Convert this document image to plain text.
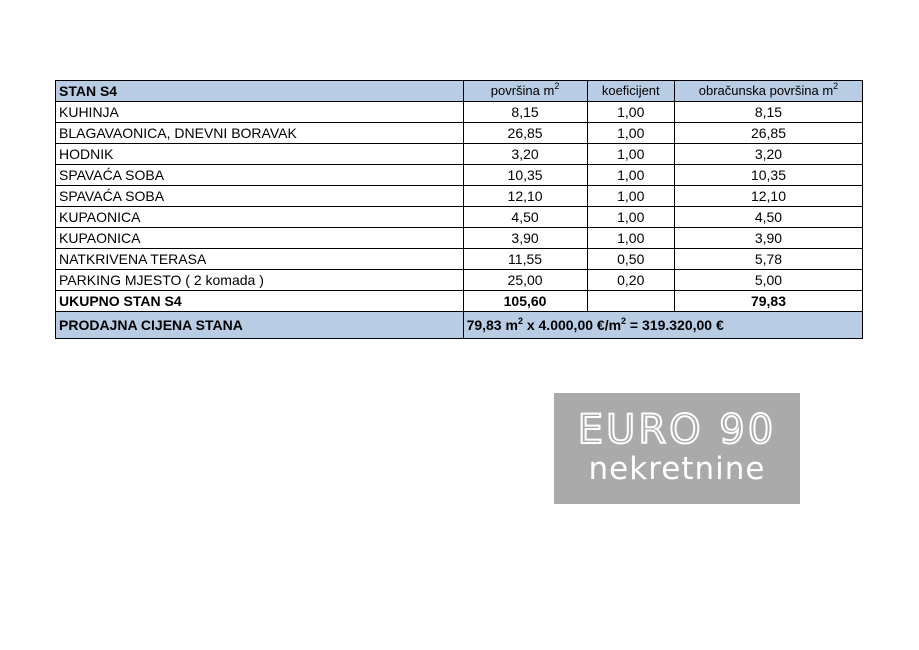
STAN S4	površina $m^2$	koeficijent	obračunska površina $m^2$
KUHINJA	8,15	1,00	8,15
BLAGAVAONICA, DNEVNI BORAVAK	26,85	1,00	26,85
HODNIK	3,20	1,00	3,20
SPAVAĆA SOBA	10,35	1,00	10,35
SPAVAĆA SOBA	12,10	1,00	12,10
KUPAONICA	4,50	1,00	4,50
KUPAONICA	3,90	1,00	3,90
NATKRIVENA TERASA	11,55	0,50	5,78
PARKING MJESTO ( 2 komada )	25,00	0,20	5,00
UKUPNO STAN S4	105,60		79,83
PRODAJNA CIJENA STANA	79,83 $m^2$ x 4.000,00 $€/m^2 = 319.320,00$ €		
EURO 90
nekretnine
